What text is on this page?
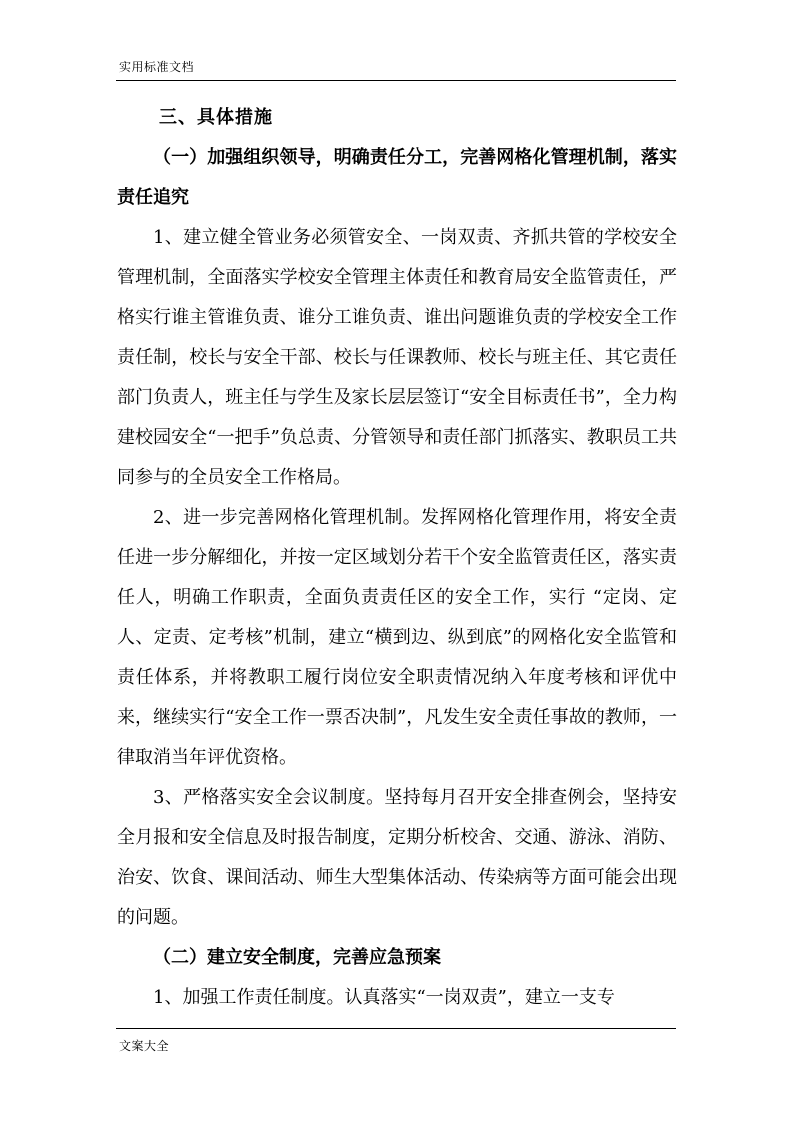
实用标准文档

三、具体措施

（一）加强组织领导，明确责任分工，完善网格化管理机制，落实责任追究

1、建立健全管业务必须管安全、一岗双责、齐抓共管的学校安全管理机制，全面落实学校安全管理主体责任和教育局安全监管责任，严格实行谁主管谁负责、谁分工谁负责、谁出问题谁负责的学校安全工作责任制，校长与安全干部、校长与任课教师、校长与班主任、其它责任部门负责人，班主任与学生及家长层层签订“安全目标责任书”，全力构建校园安全“一把手”负总责、分管领导和责任部门抓落实、教职员工共同参与的全员安全工作格局。

2、进一步完善网格化管理机制。发挥网格化管理作用，将安全责任进一步分解细化，并按一定区域划分若干个安全监管责任区，落实责任人，明确工作职责，全面负责责任区的安全工作，实行 “定岗、定人、定责、定考核”机制，建立“横到边、纵到底”的网格化安全监管和责任体系，并将教职工履行岗位安全职责情况纳入年度考核和评优中来，继续实行“安全工作一票否决制”，凡发生安全责任事故的教师，一律取消当年评优资格。

3、严格落实安全会议制度。坚持每月召开安全排查例会，坚持安全月报和安全信息及时报告制度，定期分析校舍、交通、游泳、消防、治安、饮食、课间活动、师生大型集体活动、传染病等方面可能会出现的问题。

（二）建立安全制度，完善应急预案

1、加强工作责任制度。认真落实“一岗双责”，建立一支专

文案大全
